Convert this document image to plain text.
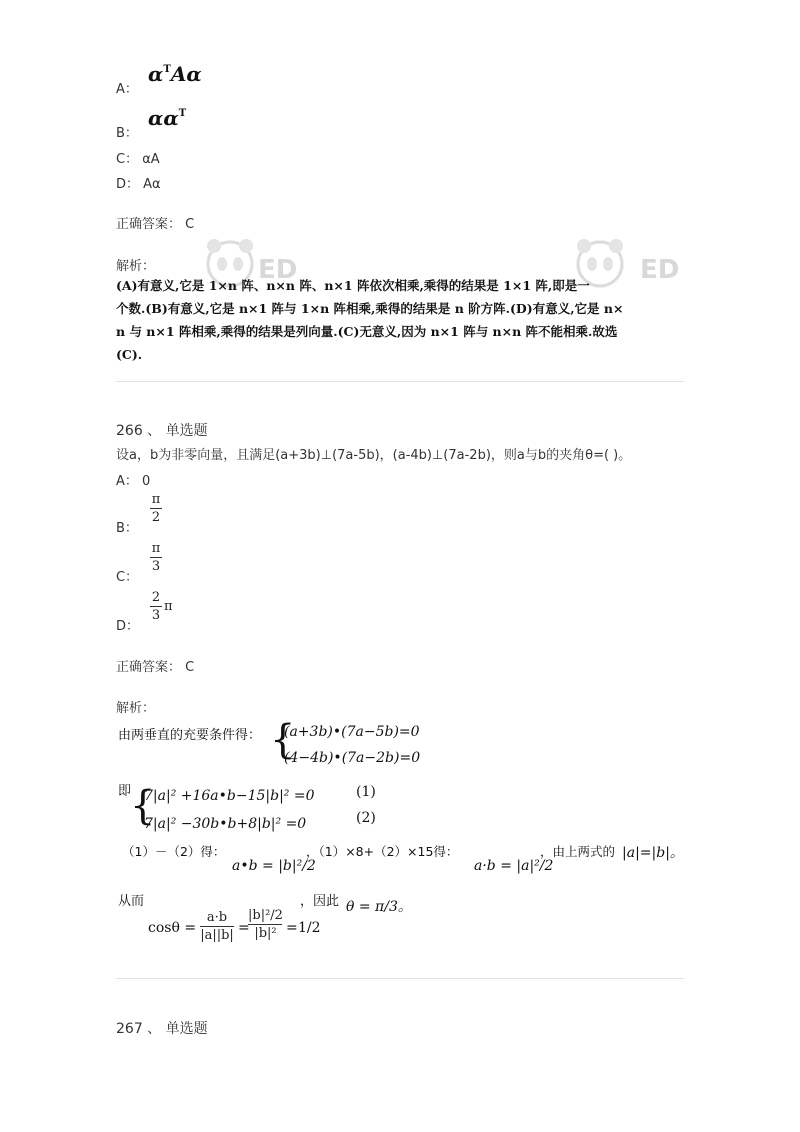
A：
$\alpha^TA\alpha$
B：
$\alpha\alpha^T$
C： αA
D： Aα
正确答案： C
解析：	ED	ED
(A)有意义,它是 1×n 阵、n×n 阵、n×1 阵依次相乘,乘得的结果是 1×1 阵,即是一
个数.(B)有意义,它是 n×1 阵与 1×n 阵相乘,乘得的结果是 n 阶方阵.(D)有意义,它是 n×
n 与 n×1 阵相乘,乘得的结果是列向量.(C)无意义,因为 n×1 阵与 n×n 阵不能相乘.故选
(C).
266 、 单选题
设a，b为非零向量，且满足(a+3b)⊥(7a-5b)，(a-4b)⊥(7a-2b)，则a与b的夹角θ=( )。
A： 0
B：
π
2
C：
π
3
D：
$\frac{2}{3}$ π
正确答案： C
解析：
由两垂直的充要条件得： {
(a+3b)•(7a−5b)=0
(4−4b)•(7a−2b)=0
即
{
7|a|² +16a•b−15|b|² =0	(1)
7|a|² −30b•b+8|b|² =0	(2)
（1）－（2）得：
a•b = |b|²/2
，（1）×8+（2）×15得：
a·b = |a|²/2
，由上两式的 |a|=|b|。
从而	，因此 θ = π/3。
cosθ =
a·b
|a||b| =
|b|²/2
|b|² = 1/2
267 、 单选题
